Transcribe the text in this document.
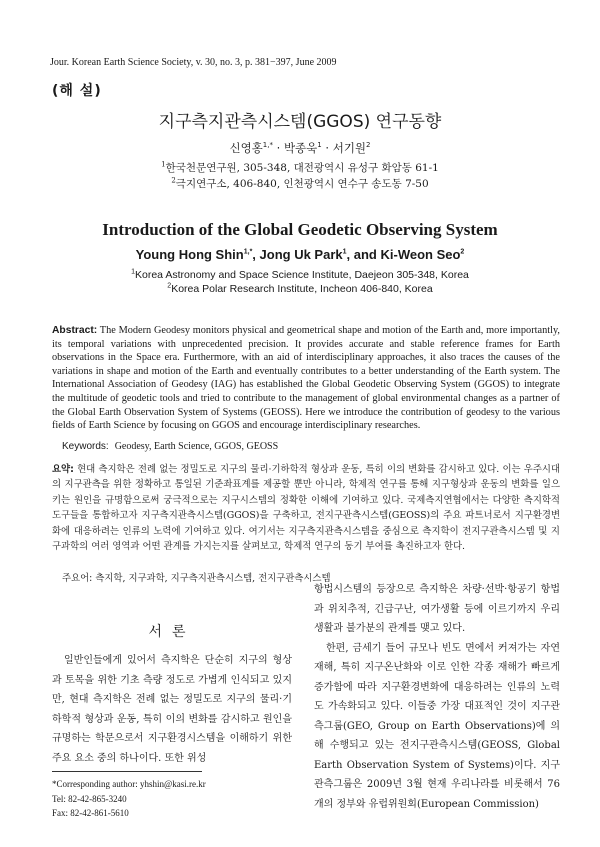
Jour. Korean Earth Science Society, v. 30, no. 3, p. 381−397, June 2009
(해 설)
지구측지관측시스템(GGOS) 연구동향
신영홍$^{1,*}$ · 박종욱$^1$ · 서기원$^2$
$^1$한국천문연구원, 305-348, 대전광역시 유성구 화암동 61-1
$^2$극지연구소, 406-840, 인천광역시 연수구 송도동 7-50
Introduction of the Global Geodetic Observing System
Young Hong Shin$^{1,*}$, Jong Uk Park$^1$, and Ki-Weon Seo$^2$
$^1$Korea Astronomy and Space Science Institute, Daejeon 305-348, Korea
$^2$Korea Polar Research Institute, Incheon 406-840, Korea
Abstract: The Modern Geodesy monitors physical and geometrical shape and motion of the Earth and, more importantly, its temporal variations with unprecedented precision. It provides accurate and stable reference frames for Earth observations in the Space era. Furthermore, with an aid of interdisciplinary approaches, it also traces the causes of the variations in shape and motion of the Earth and eventually contributes to a better understanding of the Earth system. The International Association of Geodesy (IAG) has established the Global Geodetic Observing System (GGOS) to integrate the multitude of geodetic tools and tried to contribute to the management of global environmental changes as a partner of the Global Earth Observation System of Systems (GEOSS). Here we introduce the contribution of geodesy to the various fields of Earth Science by focusing on GGOS and encourage interdisciplinary researches.
Keywords: Geodesy, Earth Science, GGOS, GEOSS
요약: 현대 측지학은 전례 없는 정밀도로 지구의 물리·기하학적 형상과 운동, 특히 이의 변화를 감시하고 있다. 이는 우주시대의 지구관측을 위한 정확하고 통일된 기준좌표계를 제공할 뿐만 아니라, 학제적 연구를 통해 지구형상과 운동의 변화를 일으키는 원인을 규명함으로써 궁극적으로는 지구시스템의 정확한 이해에 기여하고 있다. 국제측지연협에서는 다양한 측지학적 도구들을 통합하고자 지구측지관측시스템(GGOS)을 구축하고, 전지구관측시스템(GEOSS)의 주요 파트너로서 지구환경변화에 대응하려는 인류의 노력에 기여하고 있다. 여기서는 지구측지관측시스템을 중심으로 측지학이 전지구관측시스템 및 지구과학의 여러 영역과 어떤 관계를 가지는지를 살펴보고, 학제적 연구의 동기 부여를 촉진하고자 한다.
주요어: 측지학, 지구과학, 지구측지관측시스템, 전지구관측시스템
서론

일반인들에게 있어서 측지학은 단순히 지구의 형상과 토목을 위한 기초 측량 정도로 가볍게 인식되고 있지만, 현대 측지학은 전례 없는 정밀도로 지구의 물리·기하학적 형상과 운동, 특히 이의 변화를 감시하고 원인을 규명하는 학문으로서 지구환경시스템을 이해하기 위한 주요 요소 중의 하나이다. 또한 위성

항법시스템의 등장으로 측지학은 차량·선박·항공기 항법과 위치추적, 긴급구난, 여가생활 등에 이르기까지 우리 생활과 불가분의 관계를 맺고 있다.

한편, 금세기 들어 규모나 빈도 면에서 커져가는 자연재해, 특히 지구온난화와 이로 인한 각종 재해가 빠르게 증가함에 따라 지구환경변화에 대응하려는 인류의 노력도 가속화되고 있다. 이들중 가장 대표적인 것이 지구관측그룹(GEO, Group on Earth Observations)에 의해 수행되고 있는 전지구관측시스템(GEOSS, Global Earth Observation System of Systems)이다. 지구관측그룹은 2009년 3월 현재 우리나라를 비롯해서 76개의 정부와 유럽위원회(European Commission)

*Corresponding author: yhshin@kasi.re.kr
Tel: 82-42-865-3240
Fax: 82-42-861-5610
